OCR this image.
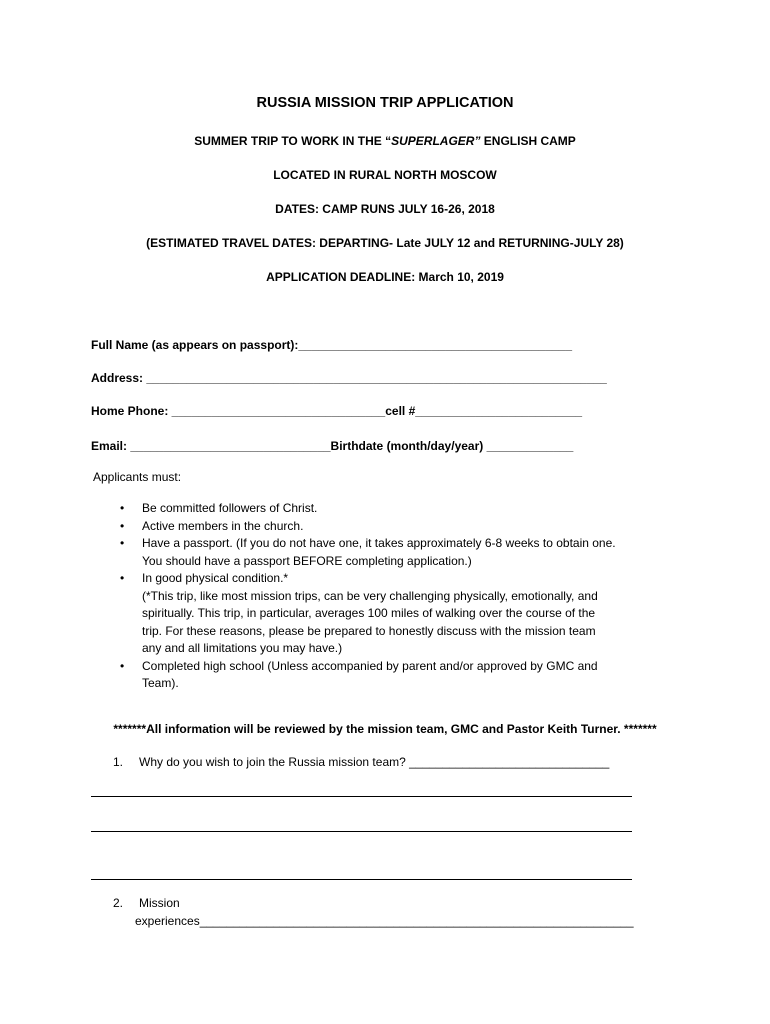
RUSSIA MISSION TRIP APPLICATION
SUMMER TRIP TO WORK IN THE “SUPERLAGER” ENGLISH CAMP
LOCATED IN RURAL NORTH MOSCOW
DATES: CAMP RUNS JULY 16-26, 2018
(ESTIMATED TRAVEL DATES: DEPARTING- Late JULY 12 and RETURNING-JULY 28)
APPLICATION DEADLINE: March 10, 2019
Full Name (as appears on passport):_________________________________________
Address: _____________________________________________________________________
Home Phone: ________________________________cell #_________________________
Email: ______________________________Birthdate (month/day/year) _____________
Applicants must:
• Be committed followers of Christ.
• Active members in the church.
• Have a passport. (If you do not have one, it takes approximately 6-8 weeks to obtain one.
You should have a passport BEFORE completing application.)
• In good physical condition.*
(*This trip, like most mission trips, can be very challenging physically, emotionally, and
spiritually. This trip, in particular, averages 100 miles of walking over the course of the
trip. For these reasons, please be prepared to honestly discuss with the mission team
any and all limitations you may have.)
• Completed high school (Unless accompanied by parent and/or approved by GMC and
Team).
*******All information will be reviewed by the mission team, GMC and Pastor Keith Turner. *******
1. Why do you wish to join the Russia mission team? ______________________________
2. Mission
experiences_________________________________________________________________
